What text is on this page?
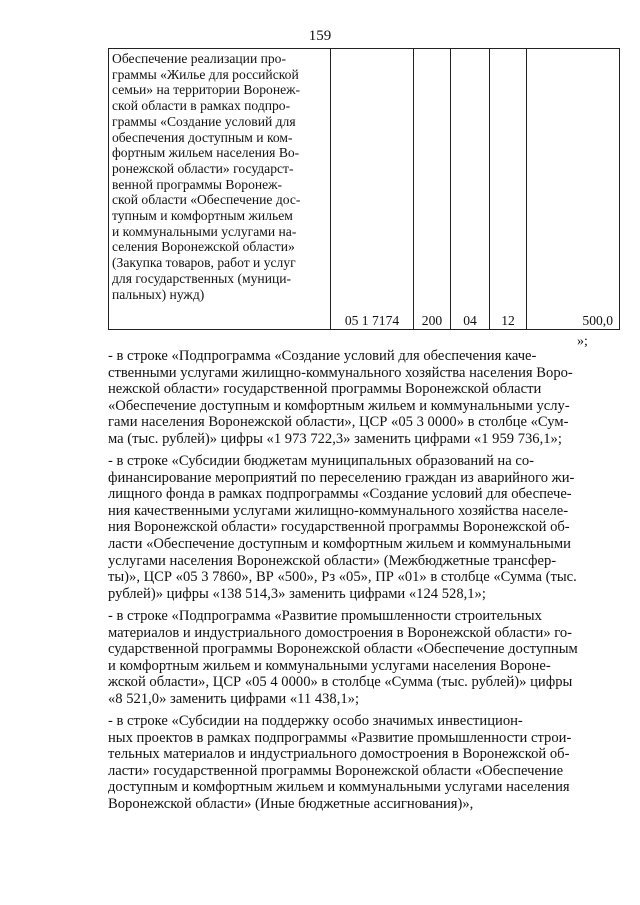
159
Обеспечение реализации про-
граммы «Жилье для российской
семьи» на территории Воронеж-
ской области в рамках подпро-
граммы «Создание условий для
обеспечения доступным и ком-
фортным жильем населения Во-
ронежской области» государст-
венной программы Воронеж-
ской области «Обеспечение дос-
тупным и комфортным жильем
и коммунальными услугами на-
селения Воронежской области»
(Закупка товаров, работ и услуг
для государственных (муници-
пальных) нужд)	05 1 7174	200	04	12	500,0
»;
- в строке «Подпрограмма «Создание условий для обеспечения каче-
ственными услугами жилищно-коммунального хозяйства населения Воро-
нежской области» государственной программы Воронежской области
«Обеспечение доступным и комфортным жильем и коммунальными услу-
гами населения Воронежской области», ЦСР «05 3 0000» в столбце «Сум-
ма (тыс. рублей)» цифры «1 973 722,3» заменить цифрами «1 959 736,1»;
- в строке «Субсидии бюджетам муниципальных образований на со-
финансирование мероприятий по переселению граждан из аварийного жи-
лищного фонда в рамках подпрограммы «Создание условий для обеспече-
ния качественными услугами жилищно-коммунального хозяйства населе-
ния Воронежской области» государственной программы Воронежской об-
ласти «Обеспечение доступным и комфортным жильем и коммунальными
услугами населения Воронежской области» (Межбюджетные трансфер-
ты)», ЦСР «05 3 7860», ВР «500», Рз «05», ПР «01» в столбце «Сумма (тыс.
рублей)» цифры «138 514,3» заменить цифрами «124 528,1»;
- в строке «Подпрограмма «Развитие промышленности строительных
материалов и индустриального домостроения в Воронежской области» го-
сударственной программы Воронежской области «Обеспечение доступным
и комфортным жильем и коммунальными услугами населения Вороне-
жской области», ЦСР «05 4 0000» в столбце «Сумма (тыс. рублей)» цифры
«8 521,0» заменить цифрами «11 438,1»;
- в строке «Субсидии на поддержку особо значимых инвестицион-
ных проектов в рамках подпрограммы «Развитие промышленности строи-
тельных материалов и индустриального домостроения в Воронежской об-
ласти» государственной программы Воронежской области «Обеспечение
доступным и комфортным жильем и коммунальными услугами населения
Воронежской области» (Иные бюджетные ассигнования)»,
